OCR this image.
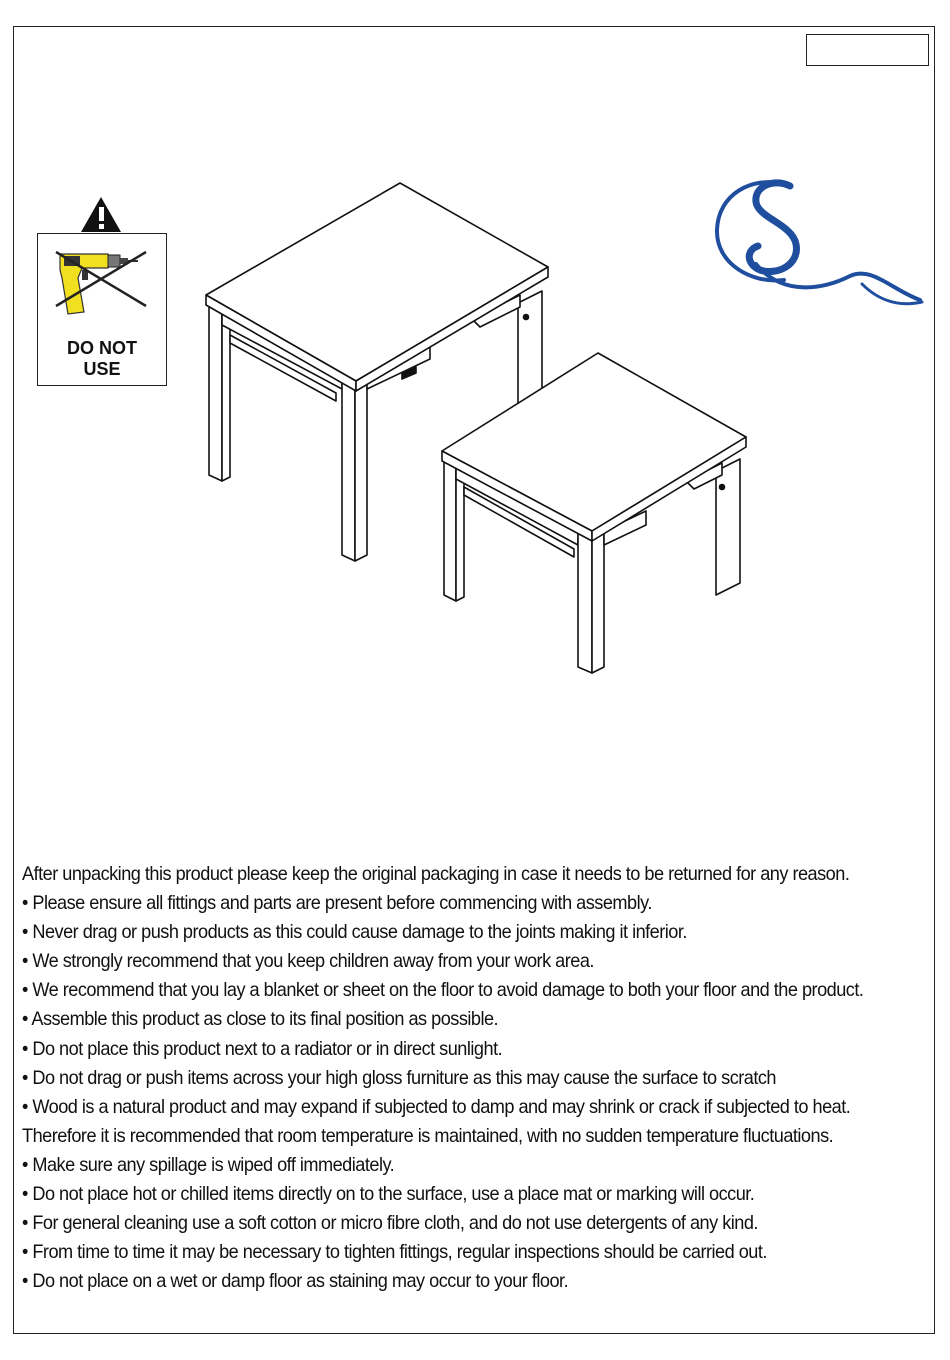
DO NOT
USE
After unpacking this product please keep the original packaging in case it needs to be returned for any reason.
• Please ensure all fittings and parts are present before commencing with assembly.
• Never drag or push products as this could cause damage to the joints making it inferior.
• We strongly recommend that you keep children away from your work area.
• We recommend that you lay a blanket or sheet on the floor to avoid damage to both your floor and the product.
• Assemble this product as close to its final position as possible.
• Do not place this product next to a radiator or in direct sunlight.
• Do not drag or push items across your high gloss furniture as this may cause the surface to scratch
• Wood is a natural product and may expand if subjected to damp and may shrink or crack if subjected to heat.
Therefore it is recommended that room temperature is maintained, with no sudden temperature fluctuations.
• Make sure any spillage is wiped off immediately.
• Do not place hot or chilled items directly on to the surface, use a place mat or marking will occur.
• For general cleaning use a soft cotton or micro fibre cloth, and do not use detergents of any kind.
• From time to time it may be necessary to tighten fittings, regular inspections should be carried out.
• Do not place on a wet or damp floor as staining may occur to your floor.
